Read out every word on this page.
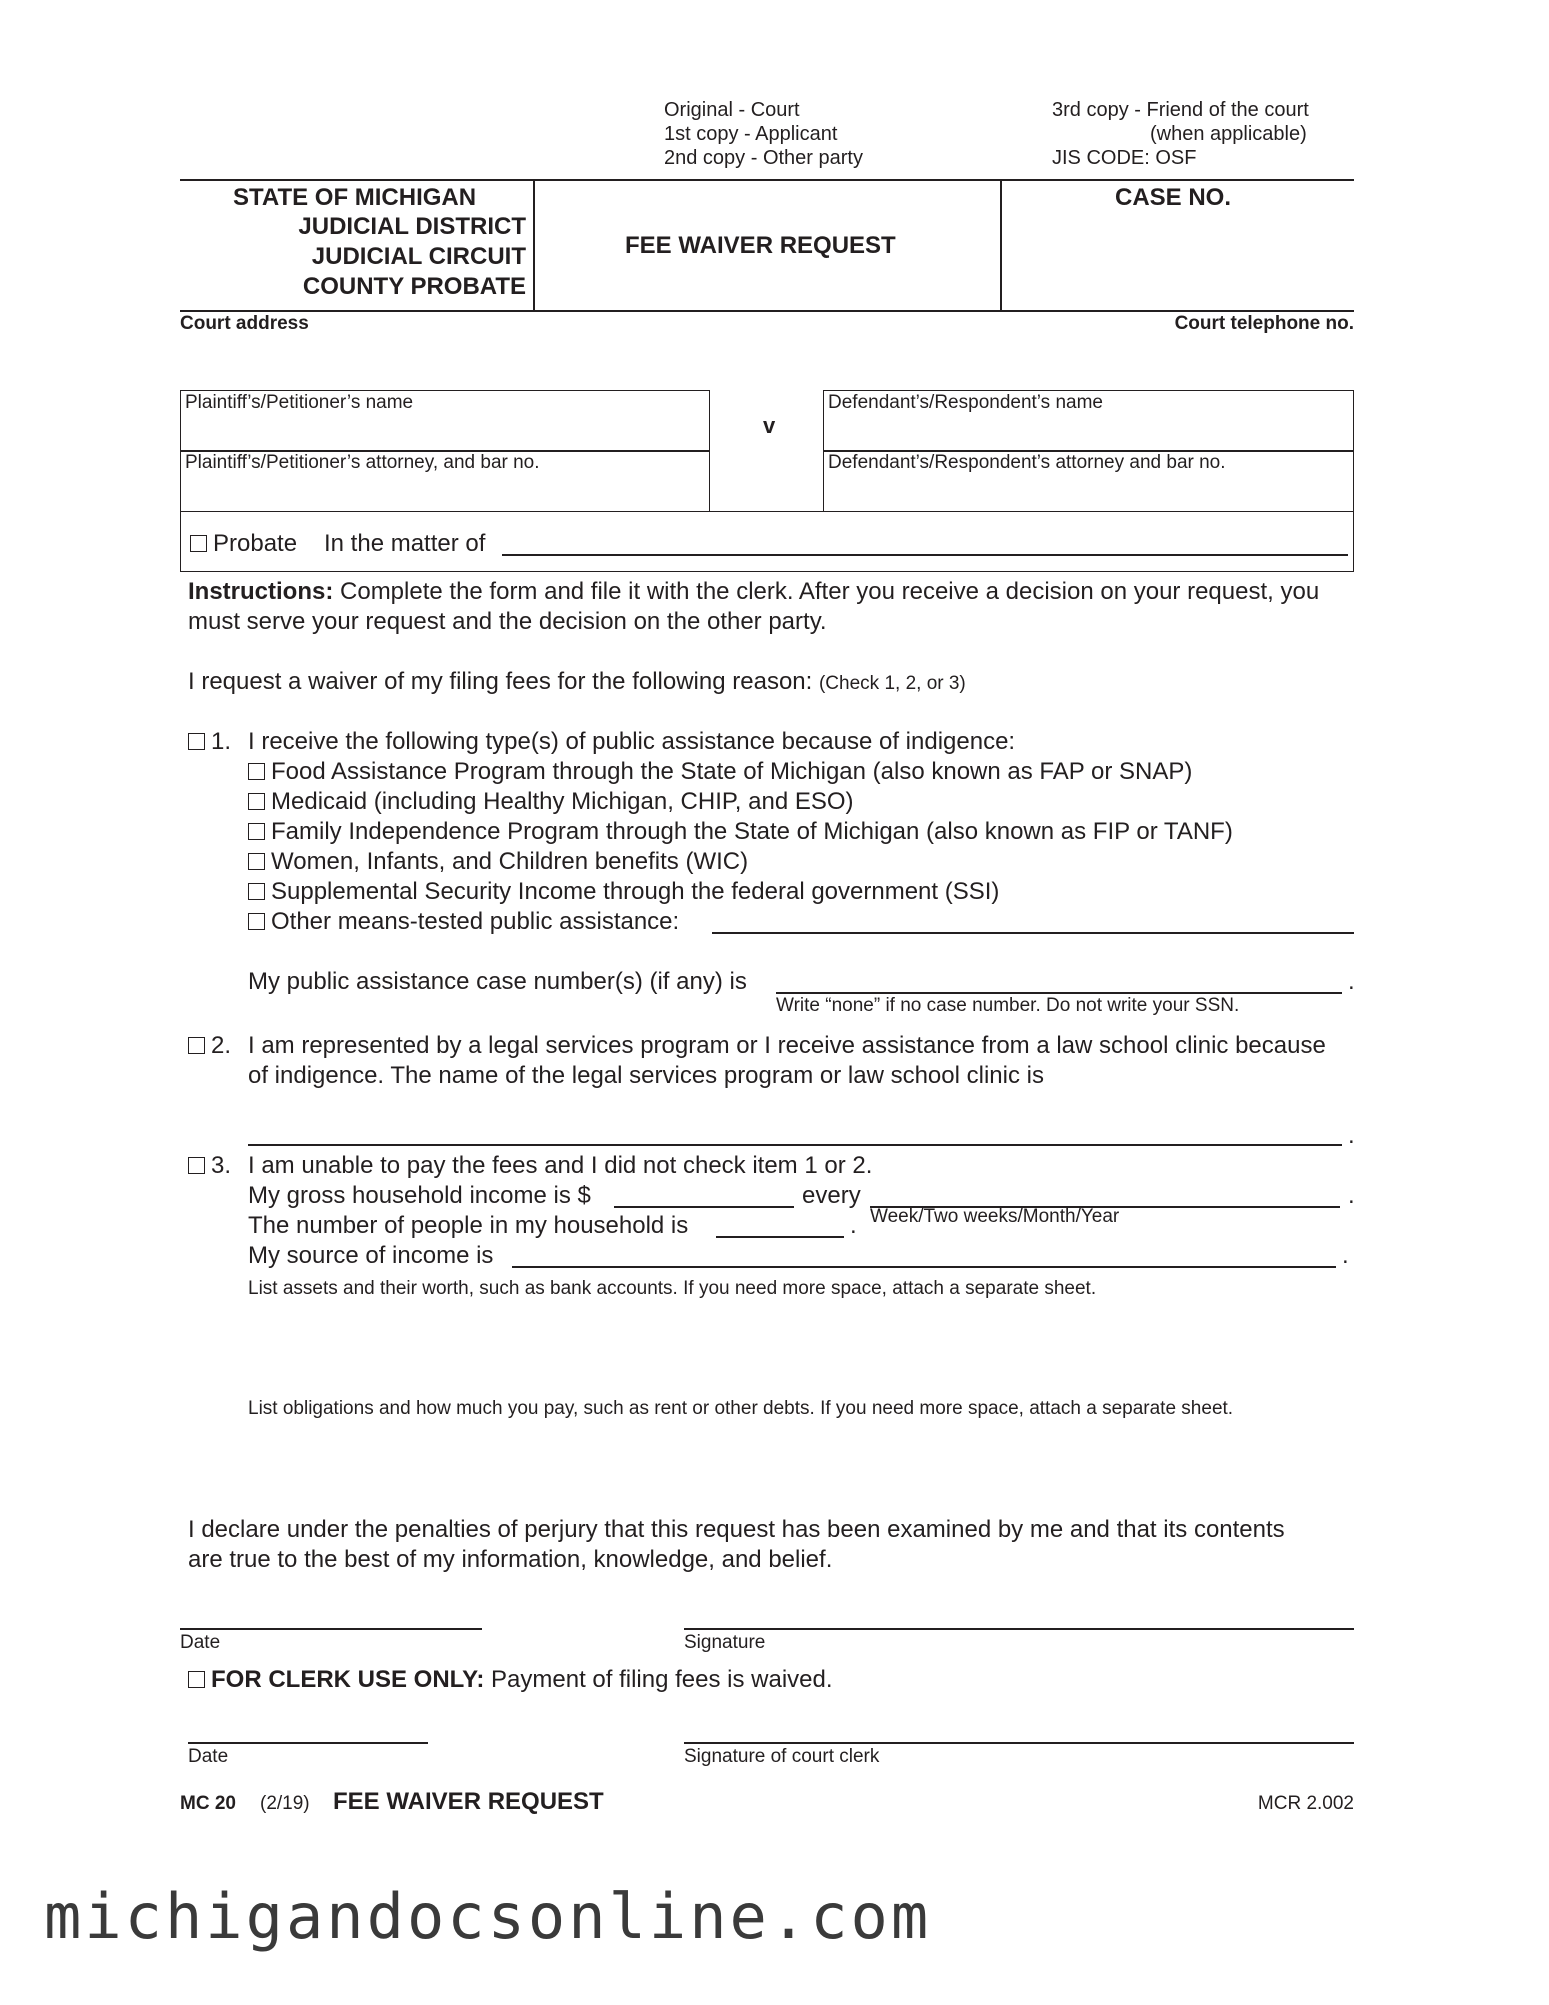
Original - Court
1st copy - Applicant
2nd copy - Other party
3rd copy - Friend of the court
(when applicable)
JIS CODE: OSF
STATE OF MICHIGAN
JUDICIAL DISTRICT
JUDICIAL CIRCUIT
COUNTY PROBATE
FEE WAIVER REQUEST
CASE NO.
Court address	Court telephone no.
Plaintiff’s/Petitioner’s name
Plaintiff’s/Petitioner’s attorney, and bar no.
v
Defendant’s/Respondent’s name
Defendant’s/Respondent’s attorney and bar no.
Probate In the matter of
Instructions: Complete the form and file it with the clerk. After you receive a decision on your request, you
must serve your request and the decision on the other party.
I request a waiver of my filing fees for the following reason: (Check 1, 2, or 3)
1. I receive the following type(s) of public assistance because of indigence:
Food Assistance Program through the State of Michigan (also known as FAP or SNAP)
Medicaid (including Healthy Michigan, CHIP, and ESO)
Family Independence Program through the State of Michigan (also known as FIP or TANF)
Women, Infants, and Children benefits (WIC)
Supplemental Security Income through the federal government (SSI)
Other means-tested public assistance:
My public assistance case number(s) (if any) is	.
Write “none” if no case number. Do not write your SSN.
2. I am represented by a legal services program or I receive assistance from a law school clinic because
of indigence. The name of the legal services program or law school clinic is
.
3. I am unable to pay the fees and I did not check item 1 or 2.
My gross household income is $	every	.
Week/Two weeks/Month/Year
The number of people in my household is	.
My source of income is	.
List assets and their worth, such as bank accounts. If you need more space, attach a separate sheet.
List obligations and how much you pay, such as rent or other debts. If you need more space, attach a separate sheet.
I declare under the penalties of perjury that this request has been examined by me and that its contents
are true to the best of my information, knowledge, and belief.
Date	Signature
FOR CLERK USE ONLY: Payment of filing fees is waived.
Date	Signature of court clerk
MC 20 (2/19) FEE WAIVER REQUEST	MCR 2.002
michigandocsonline.com
